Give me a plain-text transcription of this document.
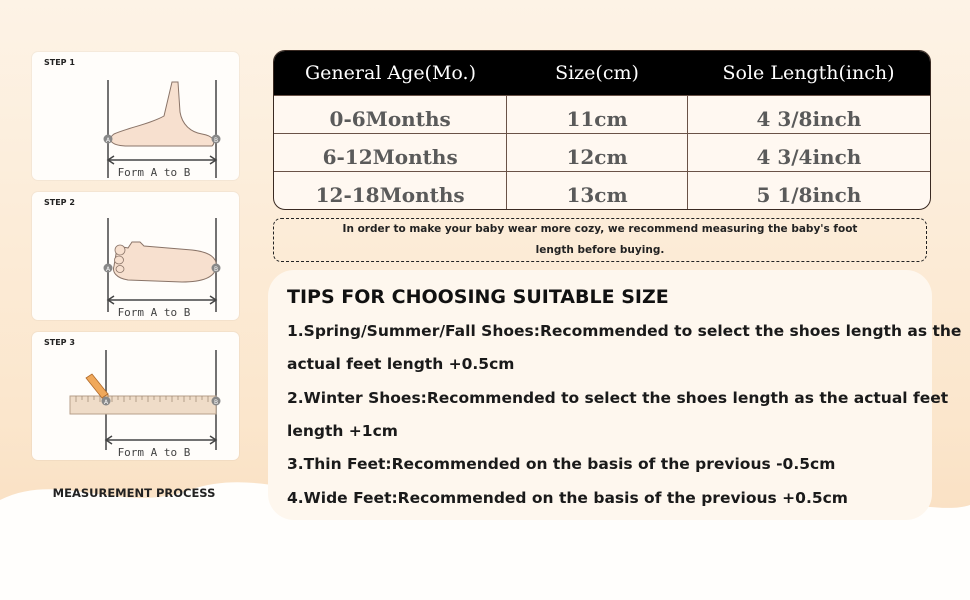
STEP 1
A	B
Form A to B
STEP 2
A	B
Form A to B
STEP 3
A	B
Form A to B
MEASUREMENT PROCESS
General Age(Mo.)	Size(cm)	Sole Length(inch)
0-6Months	11cm	4 3/8inch
6-12Months	12cm	4 3/4inch
12-18Months	13cm	5 1/8inch
In order to make your baby wear more cozy, we recommend measuring the baby's foot
length before buying.
TIPS FOR CHOOSING SUITABLE SIZE
1.Spring/Summer/Fall Shoes:Recommended to select the shoes length as the
actual feet length +0.5cm
2.Winter Shoes:Recommended to select the shoes length as the actual feet
length +1cm
3.Thin Feet:Recommended on the basis of the previous -0.5cm
4.Wide Feet:Recommended on the basis of the previous +0.5cm
